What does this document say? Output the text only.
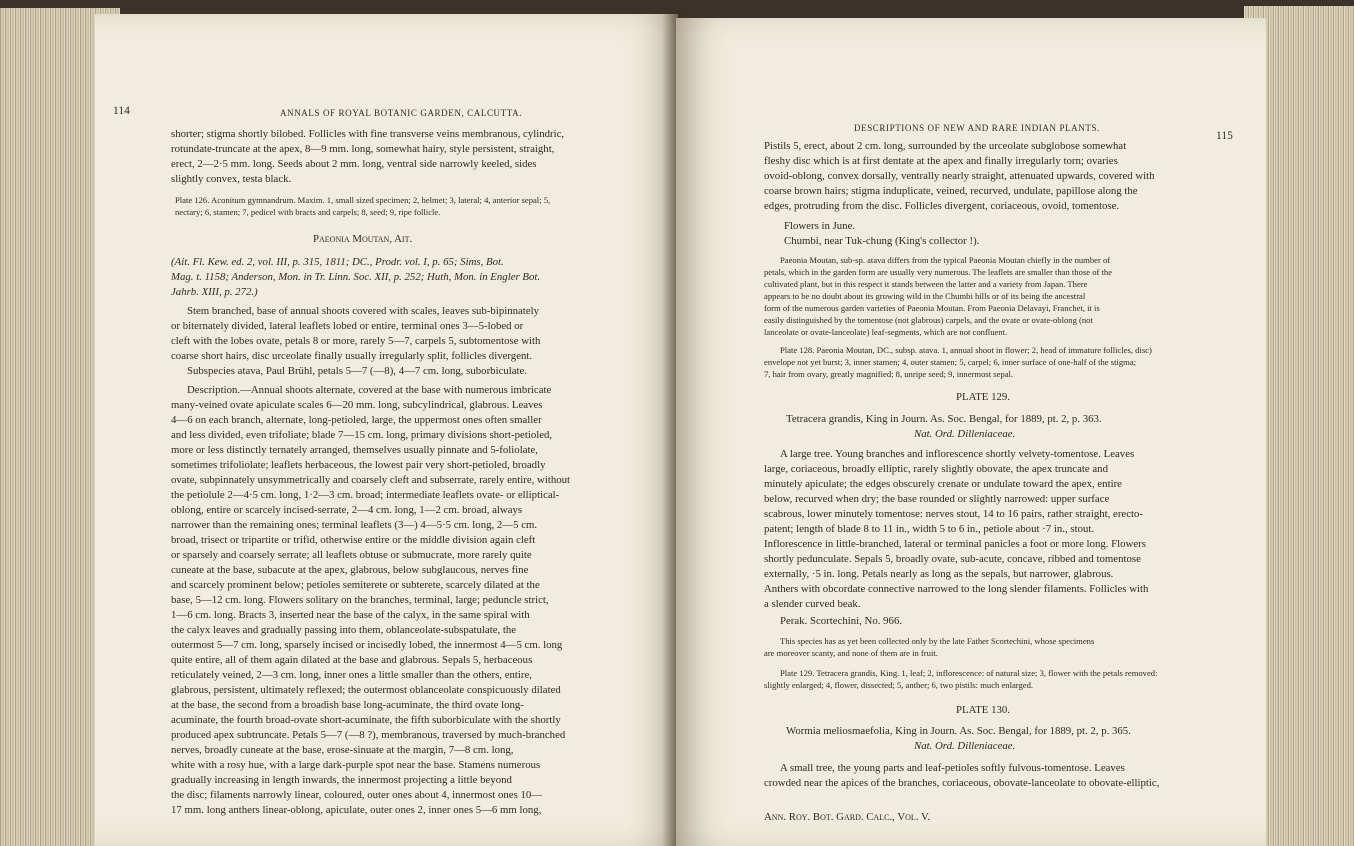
114	ANNALS OF ROYAL BOTANIC GARDEN, CALCUTTA.
shorter; stigma shortly bilobed. Follicles with fine transverse veins membranous, cylindric,
rotundate-truncate at the apex, 8—9 mm. long, somewhat hairy, style persistent, straight,
erect, 2—2·5 mm. long. Seeds about 2 mm. long, ventral side narrowly keeled, sides
slightly convex, testa black.
Plate 126. Aconitum gymnandrum. Maxim. 1, small sized specimen; 2, helmet; 3, lateral; 4, anterior sepal; 5,
nectary; 6, stamen; 7, pedicel with bracts and carpels; 8, seed; 9, ripe follicle.
Paeonia Moutan, Ait.
(Ait. Fl. Kew. ed. 2, vol. III, p. 315, 1811; DC., Prodr. vol. I, p. 65; Sims, Bot.
Mag. t. 1158; Anderson, Mon. in Tr. Linn. Soc. XII, p. 252; Huth, Mon. in Engler Bot.
Jahrb. XIII, p. 272.)
Stem branched, base of annual shoots covered with scales, leaves sub-bipinnately
or biternately divided, lateral leaflets lobed or entire, terminal ones 3—5-lobed or
cleft with the lobes ovate, petals 8 or more, rarely 5—7, carpels 5, subtomentose with
coarse short hairs, disc urceolate finally usually irregularly split, follicles divergent.
Subspecies atava, Paul Brühl, petals 5—7 (—8), 4—7 cm. long, suborbiculate.
Description.—Annual shoots alternate, covered at the base with numerous imbricate
many-veined ovate apiculate scales 6—20 mm. long, subcylindrical, glabrous. Leaves
4—6 on each branch, alternate, long-petioled, large, the uppermost ones often smaller
and less divided, even trifoliate; blade 7—15 cm. long, primary divisions short-petioled,
more or less distinctly ternately arranged, themselves usually pinnate and 5-foliolate,
sometimes trifoliolate; leaflets herbaceous, the lowest pair very short-petioled, broadly
ovate, subpinnately unsymmetrically and coarsely cleft and subserrate, rarely entire, without
the petiolule 2—4·5 cm. long, 1·2—3 cm. broad; intermediate leaflets ovate- or elliptical-
oblong, entire or scarcely incised-serrate, 2—4 cm. long, 1—2 cm. broad, always
narrower than the remaining ones; terminal leaflets (3—) 4—5·5 cm. long, 2—5 cm.
broad, trisect or tripartite or trifid, otherwise entire or the middle division again cleft
or sparsely and coarsely serrate; all leaflets obtuse or submucrate, more rarely quite
cuneate at the base, subacute at the apex, glabrous, below subglaucous, nerves fine
and scarcely prominent below; petioles semiterete or subterete, scarcely dilated at the
base, 5—12 cm. long. Flowers solitary on the branches, terminal, large; peduncle strict,
1—6 cm. long. Bracts 3, inserted near the base of the calyx, in the same spiral with
the calyx leaves and gradually passing into them, oblanceolate-subspatulate, the
outermost 5—7 cm. long, sparsely incised or incisedly lobed, the innermost 4—5 cm. long
quite entire, all of them again dilated at the base and glabrous. Sepals 5, herbaceous
reticulately veined, 2—3 cm. long, inner ones a little smaller than the others, entire,
glabrous, persistent, ultimately reflexed; the outermost oblanceolate conspicuously dilated
at the base, the second from a broadish base long-acuminate, the third ovate long-
acuminate, the fourth broad-ovate short-acuminate, the fifth suborbiculate with the shortly
produced apex subtruncate. Petals 5—7 (—8 ?), membranous, traversed by much-branched
nerves, broadly cuneate at the base, erose-sinuate at the margin, 7—8 cm. long,
white with a rosy hue, with a large dark-purple spot near the base. Stamens numerous
gradually increasing in length inwards, the innermost projecting a little beyond
the disc; filaments narrowly linear, coloured, outer ones about 4, innermost ones 10—
17 mm. long anthers linear-oblong, apiculate, outer ones 2, inner ones 5—6 mm long,
DESCRIPTIONS OF NEW AND RARE INDIAN PLANTS.
115
Pistils 5, erect, about 2 cm. long, surrounded by the urceolate subglobose somewhat
fleshy disc which is at first dentate at the apex and finally irregularly torn; ovaries
ovoid-oblong, convex dorsally, ventrally nearly straight, attenuated upwards, covered with
coarse brown hairs; stigma induplicate, veined, recurved, undulate, papillose along the
edges, protruding from the disc. Follicles divergent, coriaceous, ovoid, tomentose.
Flowers in June.
Chumbi, near Tuk-chung (King's collector !).
Paeonia Moutan, sub-sp. atava differs from the typical Paeonia Moutan chiefly in the number of
petals, which in the garden form are usually very numerous. The leaflets are smaller than those of the
cultivated plant, but in this respect it stands between the latter and a variety from Japan. There
appears to be no doubt about its growing wild in the Chumbi hills or of its being the ancestral
form of the numerous garden varieties of Paeonia Moutan. From Paeonia Delavayi, Franchet, it is
easily distinguished by the tomentose (not glabrous) carpels, and the ovate or ovate-oblong (not
lanceolate or ovate-lanceolate) leaf-segments, which are not confluent.
Plate 128. Paeonia Moutan, DC., subsp. atava. 1, annual shoot in flower; 2, head of immature follicles, disc)
envelope not yet burst; 3, inner stamen; 4, outer stamen; 5, carpel; 6, inner surface of one-half of the stigma;
7, hair from ovary, greatly magnified; 8, unripe seed; 9, innermost sepal.
PLATE 129.
Tetracera grandis, King in Journ. As. Soc. Bengal, for 1889, pt. 2, p. 363.
Nat. Ord. Dilleniaceae.
A large tree. Young branches and inflorescence shortly velvety-tomentose. Leaves
large, coriaceous, broadly elliptic, rarely slightly obovate, the apex truncate and
minutely apiculate; the edges obscurely crenate or undulate toward the apex, entire
below, recurved when dry; the base rounded or slightly narrowed: upper surface
scabrous, lower minutely tomentose: nerves stout, 14 to 16 pairs, rather straight, erecto-
patent; length of blade 8 to 11 in., width 5 to 6 in., petiole about ·7 in., stout.
Inflorescence in little-branched, lateral or terminal panicles a foot or more long. Flowers
shortly pedunculate. Sepals 5, broadly ovate, sub-acute, concave, ribbed and tomentose
externally, ·5 in. long. Petals nearly as long as the sepals, but narrower, glabrous.
Anthers with obcordate connective narrowed to the long slender filaments. Follicles with
a slender curved beak.
Perak. Scortechini, No. 966.
This species has as yet been collected only by the late Father Scortechini, whose specimens
are moreover scanty, and none of them are in fruit.
Plate 129. Tetracera grandis, King. 1, leaf; 2, inflorescence: of natural size; 3, flower with the petals removed:
slightly enlarged; 4, flower, dissected; 5, anther; 6, two pistils: much enlarged.
PLATE 130.
Wormia meliosmaefolia, King in Journ. As. Soc. Bengal, for 1889, pt. 2, p. 365.
Nat. Ord. Dilleniaceae.
A small tree, the young parts and leaf-petioles softly fulvous-tomentose. Leaves
crowded near the apices of the branches, coriaceous, obovate-lanceolate to obovate-elliptic,
Ann. Roy. Bot. Gard. Calc., Vol. V.
